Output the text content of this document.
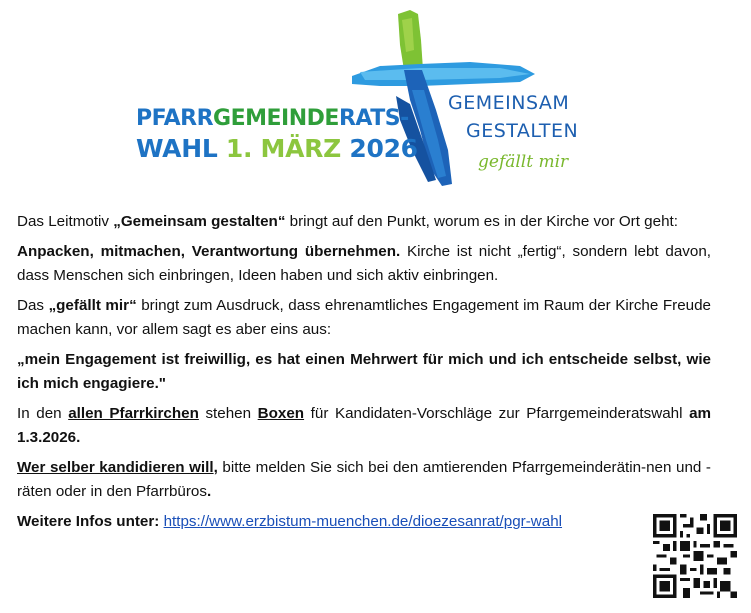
PFARRGEMEINDERATS-
WAHL 1. MÄRZ 2026
GEMEINSAM
GESTALTEN
gefällt mir

Das Leitmotiv „Gemeinsam gestalten“ bringt auf den Punkt, worum es in der Kirche vor Ort geht:

Anpacken, mitmachen, Verantwortung übernehmen. Kirche ist nicht „fertig“, sondern lebt davon, dass Menschen sich einbringen, Ideen haben und sich aktiv einbringen.

Das „gefällt mir“ bringt zum Ausdruck, dass ehrenamtliches Engagement im Raum der Kirche Freude machen kann, vor allem sagt es aber eins aus:

„mein Engagement ist freiwillig, es hat einen Mehrwert für mich und ich entscheide selbst, wie ich mich engagiere."

In den allen Pfarrkirchen stehen Boxen für Kandidaten-Vorschläge zur Pfarrgemeinderatswahl am 1.3.2026.

Wer selber kandidieren will, bitte melden Sie sich bei den amtierenden Pfarrgemeinderätin-nen und -räten oder in den Pfarrbüros.

Weitere Infos unter: https://www.erzbistum-muenchen.de/dioezesanrat/pgr-wahl
